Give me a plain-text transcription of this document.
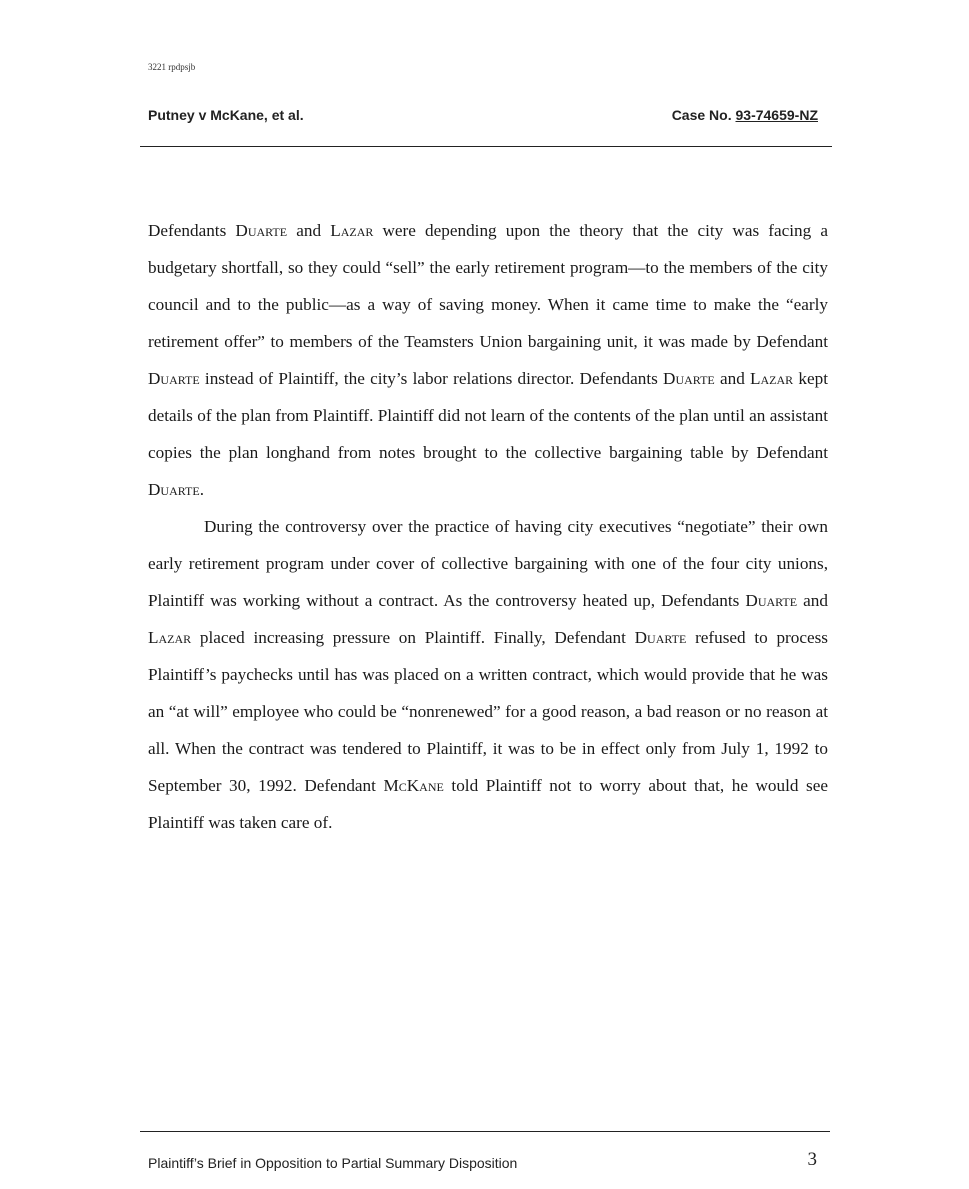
3221 rpdpsjb
Putney v McKane, et al.	Case No. 93-74659-NZ

Defendants Duarte and Lazar were depending upon the theory that the city was facing a budgetary shortfall, so they could “sell” the early retirement program—to the members of the city council and to the public—as a way of saving money. When it came time to make the “early retirement offer” to members of the Teamsters Union bargaining unit, it was made by Defendant Duarte instead of Plaintiff, the city’s labor relations director. Defendants Duarte and Lazar kept details of the plan from Plaintiff. Plaintiff did not learn of the contents of the plan until an assistant copies the plan longhand from notes brought to the collective bargaining table by Defendant Duarte.

During the controversy over the practice of having city executives “negotiate” their own early retirement program under cover of collective bargaining with one of the four city unions, Plaintiff was working without a contract. As the controversy heated up, Defendants Duarte and Lazar placed increasing pressure on Plaintiff. Finally, Defendant Duarte refused to process Plaintiff’s paychecks until has was placed on a written contract, which would provide that he was an “at will” employee who could be “nonrenewed” for a good reason, a bad reason or no reason at all. When the contract was tendered to Plaintiff, it was to be in effect only from July 1, 1992 to September 30, 1992. Defendant McKane told Plaintiff not to worry about that, he would see Plaintiff was taken care of.

Plaintiff’s Brief in Opposition to Partial Summary Disposition	3
